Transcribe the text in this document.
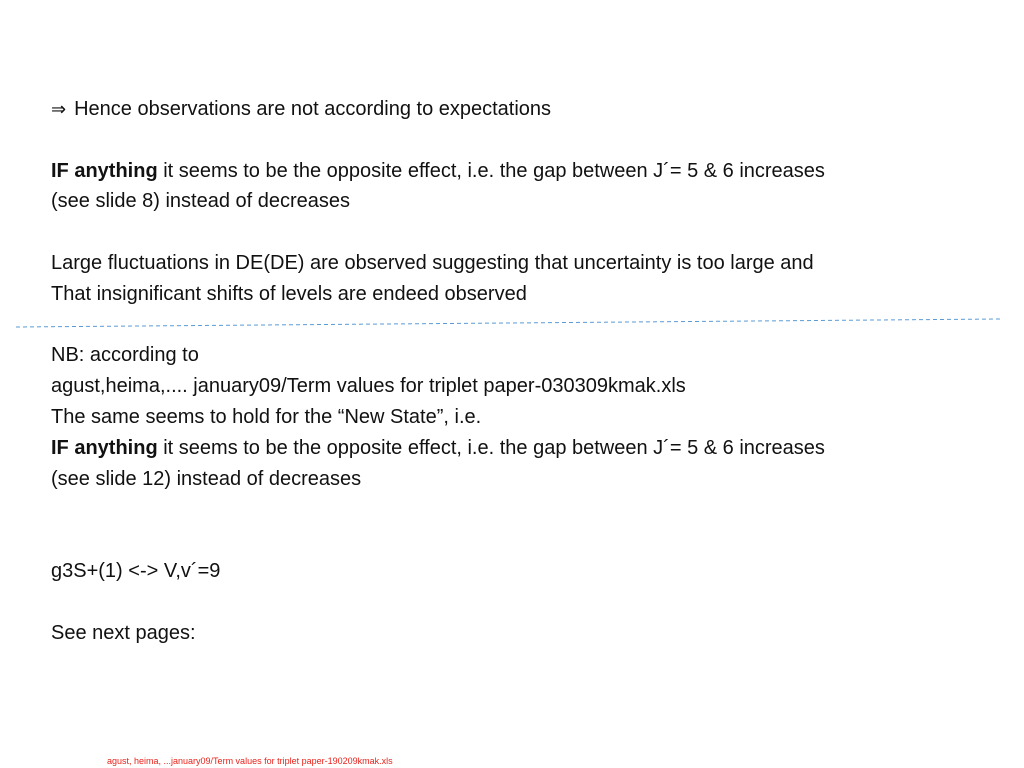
⇒ Hence observations are not according to expectations
IF anything it seems to be the opposite effect, i.e. the gap between J´= 5 & 6 increases
(see slide 8) instead of decreases
Large fluctuations in DE(DE) are observed suggesting that uncertainty is too large and
That insignificant shifts of levels are endeed observed
NB: according to
agust,heima,.... january09/Term values for triplet paper-030309kmak.xls
The same seems to hold for the “New State”, i.e.
IF anything it seems to be the opposite effect, i.e. the gap between J´= 5 & 6 increases
(see slide 12) instead of decreases
g3S+(1) <-> V,v´=9
See next pages:
agust, heima, ...january09/Term values for triplet paper-190209kmak.xls
